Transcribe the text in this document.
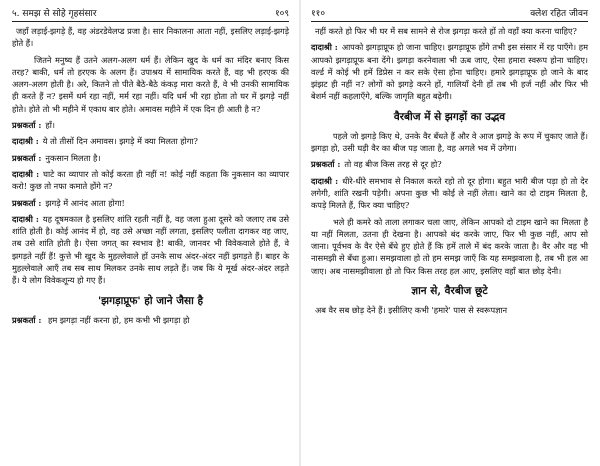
५. समझ से सोहे गृहसंसार	१०९

जहाँ लड़ाई-झगड़े हैं, वह अंडरडेवेलप्ड प्रजा है। सार निकालना आता नहीं, इसलिए लड़ाई-झगड़े होते हैं।

जितने मनुष्य हैं उतने अलग-अलग धर्म हैं। लेकिन खुद के धर्म का मंदिर बनाए किस तरह? बाकी, धर्म तो हरएक के अलग हैं। उपाश्रय में सामायिक करते हैं, वह भी हरएक की अलग-अलग होती है। अरे, कितने तो पीते बैठे-बैठे कंकड़ मारा करते हैं, वे भी उनकी सामायिक ही करते हैं न? इसमें धर्म रहा नहीं, मर्म रहा नहीं। यदि धर्म भी रहा होता तो घर में झगड़े नहीं होते। होते तो भी महीने में एकाध बार होते। अमावस महीने में एक दिन ही आती है न?

प्रश्नकर्ता : हाँ।

दादाश्री : ये तो तीसों दिन अमावस। झगड़े में क्या मिलता होगा?

प्रश्नकर्ता : नुकसान मिलता है।

दादाश्री : घाटे का व्यापार तो कोई करता ही नहीं न! कोई नहीं कहता कि नुकसान का व्यापार करो! कुछ तो नफा कमाते होंगे न?

प्रश्नकर्ता : झगड़े में आनंद आता होगा!

दादाश्री : यह दूषमकाल है इसलिए शांति रहती नहीं है, वह जला हुआ दूसरे को जलाए तब उसे शांति होती है। कोई आनंद में हो, वह उसे अच्छा नहीं लगता, इसलिए पलीता दागकर वह जाए, तब उसे शांति होती है। ऐसा जगत् का स्वभाव है! बाकी, जानवर भी विवेकवाले होते हैं, वे झगड़ते नहीं हैं! कुत्ते भी खुद के मुहल्लेवाले हों उनके साथ अंदर-अंदर नहीं झगड़ते हैं। बाहर के मुहल्लेवाले आएँ तब सब साथ मिलकर उनके साथ लड़ते हैं। जब कि ये मूर्ख अंदर-अंदर लड़ते हैं। ये लोग विवेकशून्य हो गए हैं।

'झगड़ाप्रूफ' हो जाने जैसा है

प्रश्नकर्ता : हम झगड़ा नहीं करना हो, हम कभी भी झगड़ा हो

११०	क्लेश रहित जीवन

नहीं करते हो फिर भी घर में सब सामने से रोज झगड़ा करते हों तो वहाँ क्या करना चाहिए?

दादाश्री : आपको झगड़ाप्रूफ हो जाना चाहिए। झगड़ाप्रूफ होंगे तभी इस संसार में रह पाएँगे। हम आपको झगड़ाप्रूफ बना देंगे। झगड़ा करनेवाला भी ऊब जाए, ऐसा हमारा स्वरूप होना चाहिए। वर्ल्ड में कोई भी हमें डिप्रेस न कर सके ऐसा होना चाहिए। हमारे झगड़ाप्रूफ हो जाने के बाद झंझट ही नहीं न? लोगों को झगड़े करने हों, गालियाँ देनी हों तब भी हर्ज नहीं और फिर भी बेशर्म नहीं कहलाएँगे, बल्कि जागृति बहुत बढ़ेगी।

वैरबीज में से झगड़ों का उद्भव

पहले जो झगड़े किए थे, उनके वैर बँधते हैं और वे आज झगड़े के रूप में चुकाए जाते हैं। झगड़ा हो, उसी घड़ी वैर का बीज पड़ जाता है, वह अगले भव में उगेगा।

प्रश्नकर्ता : तो वह बीज किस तरह से दूर हो?

दादाश्री : धीरे-धीरे समभाव से निकाल करते रहो तो दूर होगा। बहुत भारी बीज पड़ा हो तो देर लगेगी, शांति रखनी पड़ेगी। अपना कुछ भी कोई ले नहीं लेता। खाने का दो टाइम मिलता है, कपड़े मिलते हैं, फिर क्या चाहिए?

भले ही कमरे को ताला लगाकर चला जाए, लेकिन आपको दो टाइम खाने का मिलता है या नहीं मिलता, उतना ही देखना है। आपको बंद करके जाए, फिर भी कुछ नहीं, आप सो जाना। पूर्वभव के वैर ऐसे बँधे हुए होते हैं कि हमें ताले में बंद करके जाता है। वैर और वह भी नासमझी से बँधा हुआ। समझवाला हो तो हम समझ जाएँ कि यह समझवाला है, तब भी हल आ जाए। अब नासमझीवाला हो तो फिर किस तरह हल आए, इसलिए वहाँ बात छोड़ देनी।

ज्ञान से, वैरबीज छूटे

अब वैर सब छोड़ देने हैं। इसीलिए कभी 'हमारे' पास से स्वरूपज्ञान
